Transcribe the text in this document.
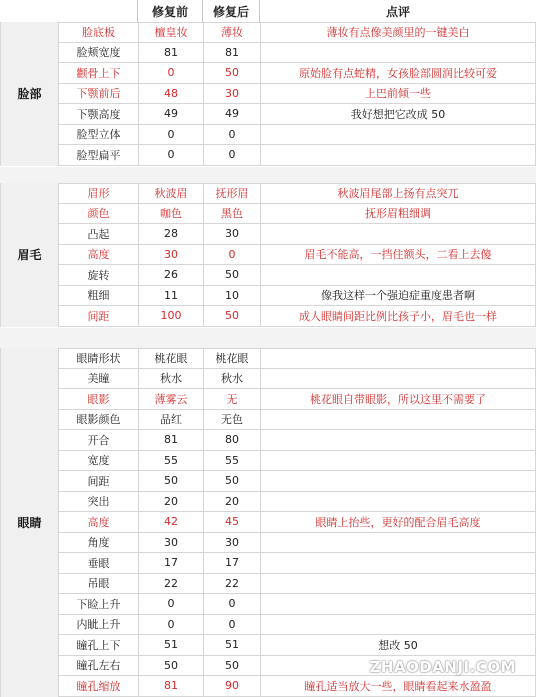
修复前	修复后	点评
脸部
脸底板	檀皇妆	薄妆	薄妆有点像美颜里的一键美白
脸颊宽度	81	81
颧骨上下	0	50	原始脸有点蛇精，女孩脸部圆润比较可爱
下颚前后	48	30	上巴前倾一些
下颚高度	49	49	我好想把它改成 50
脸型立体	0	0
脸型扁平	0	0
眉毛
眉形	秋波眉	抚形眉	秋波眉尾部上扬有点突兀
颜色	咖色	黑色	抚形眉粗细调
凸起	28	30
高度	30	0	眉毛不能高，一挡住额头，二看上去傻
旋转	26	50
粗细	11	10	像我这样一个强迫症重度患者啊
间距	100	50	成人眼睛间距比例比孩子小，眉毛也一样
眼睛
眼睛形状	桃花眼	桃花眼
美瞳	秋水	秋水
眼影	薄雾云	无	桃花眼自带眼影，所以这里不需要了
眼影颜色	品红	无色
开合	81	80
宽度	55	55
间距	50	50
突出	20	20
高度	42	45	眼睛上抬些，更好的配合眉毛高度
角度	30	30
垂眼	17	17
吊眼	22	22
下睑上升	0	0
内眦上升	0	0
瞳孔上下	51	51	想改 50
瞳孔左右	50	50
瞳孔缩放	81	90	瞳孔适当放大一些，眼睛看起来水盈盈
ZHAODANJI.COM
